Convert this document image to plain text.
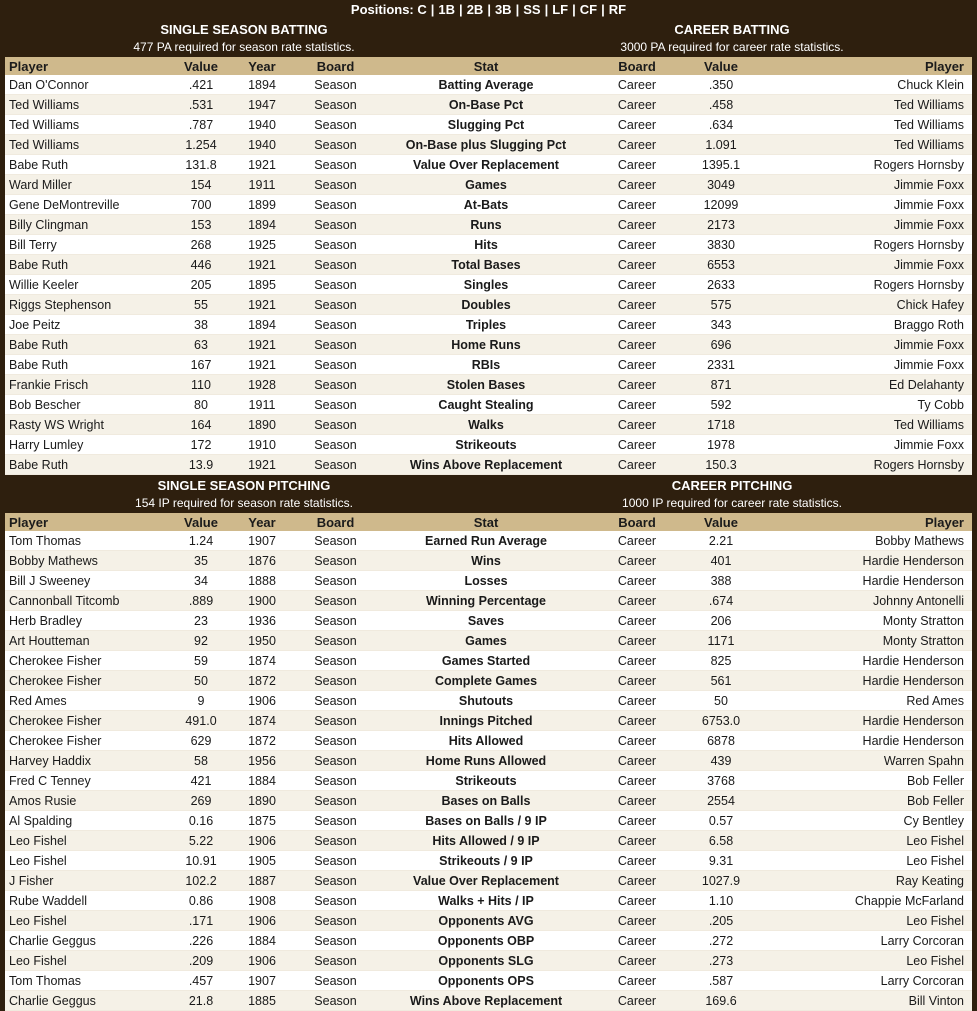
Positions: C | 1B | 2B | 3B | SS | LF | CF | RF
SINGLE SEASON BATTING
477 PA required for season rate statistics.
CAREER BATTING
3000 PA required for career rate statistics.
Player	Value	Year	Board	Stat	Board	Value	Player
Dan O'Connor	.421	1894	Season	Batting Average	Career	.350	Chuck Klein
Ted Williams	.531	1947	Season	On-Base Pct	Career	.458	Ted Williams
Ted Williams	.787	1940	Season	Slugging Pct	Career	.634	Ted Williams
Ted Williams	1.254	1940	Season	On-Base plus Slugging Pct	Career	1.091	Ted Williams
Babe Ruth	131.8	1921	Season	Value Over Replacement	Career	1395.1	Rogers Hornsby
Ward Miller	154	1911	Season	Games	Career	3049	Jimmie Foxx
Gene DeMontreville	700	1899	Season	At-Bats	Career	12099	Jimmie Foxx
Billy Clingman	153	1894	Season	Runs	Career	2173	Jimmie Foxx
Bill Terry	268	1925	Season	Hits	Career	3830	Rogers Hornsby
Babe Ruth	446	1921	Season	Total Bases	Career	6553	Jimmie Foxx
Willie Keeler	205	1895	Season	Singles	Career	2633	Rogers Hornsby
Riggs Stephenson	55	1921	Season	Doubles	Career	575	Chick Hafey
Joe Peitz	38	1894	Season	Triples	Career	343	Braggo Roth
Babe Ruth	63	1921	Season	Home Runs	Career	696	Jimmie Foxx
Babe Ruth	167	1921	Season	RBIs	Career	2331	Jimmie Foxx
Frankie Frisch	110	1928	Season	Stolen Bases	Career	871	Ed Delahanty
Bob Bescher	80	1911	Season	Caught Stealing	Career	592	Ty Cobb
Rasty WS Wright	164	1890	Season	Walks	Career	1718	Ted Williams
Harry Lumley	172	1910	Season	Strikeouts	Career	1978	Jimmie Foxx
Babe Ruth	13.9	1921	Season	Wins Above Replacement	Career	150.3	Rogers Hornsby
SINGLE SEASON PITCHING
154 IP required for season rate statistics.
CAREER PITCHING
1000 IP required for career rate statistics.
Player	Value	Year	Board	Stat	Board	Value	Player
Tom Thomas	1.24	1907	Season	Earned Run Average	Career	2.21	Bobby Mathews
Bobby Mathews	35	1876	Season	Wins	Career	401	Hardie Henderson
Bill J Sweeney	34	1888	Season	Losses	Career	388	Hardie Henderson
Cannonball Titcomb	.889	1900	Season	Winning Percentage	Career	.674	Johnny Antonelli
Herb Bradley	23	1936	Season	Saves	Career	206	Monty Stratton
Art Houtteman	92	1950	Season	Games	Career	1171	Monty Stratton
Cherokee Fisher	59	1874	Season	Games Started	Career	825	Hardie Henderson
Cherokee Fisher	50	1872	Season	Complete Games	Career	561	Hardie Henderson
Red Ames	9	1906	Season	Shutouts	Career	50	Red Ames
Cherokee Fisher	491.0	1874	Season	Innings Pitched	Career	6753.0	Hardie Henderson
Cherokee Fisher	629	1872	Season	Hits Allowed	Career	6878	Hardie Henderson
Harvey Haddix	58	1956	Season	Home Runs Allowed	Career	439	Warren Spahn
Fred C Tenney	421	1884	Season	Strikeouts	Career	3768	Bob Feller
Amos Rusie	269	1890	Season	Bases on Balls	Career	2554	Bob Feller
Al Spalding	0.16	1875	Season	Bases on Balls / 9 IP	Career	0.57	Cy Bentley
Leo Fishel	5.22	1906	Season	Hits Allowed / 9 IP	Career	6.58	Leo Fishel
Leo Fishel	10.91	1905	Season	Strikeouts / 9 IP	Career	9.31	Leo Fishel
J Fisher	102.2	1887	Season	Value Over Replacement	Career	1027.9	Ray Keating
Rube Waddell	0.86	1908	Season	Walks + Hits / IP	Career	1.10	Chappie McFarland
Leo Fishel	.171	1906	Season	Opponents AVG	Career	.205	Leo Fishel
Charlie Geggus	.226	1884	Season	Opponents OBP	Career	.272	Larry Corcoran
Leo Fishel	.209	1906	Season	Opponents SLG	Career	.273	Leo Fishel
Tom Thomas	.457	1907	Season	Opponents OPS	Career	.587	Larry Corcoran
Charlie Geggus	21.8	1885	Season	Wins Above Replacement	Career	169.6	Bill Vinton
